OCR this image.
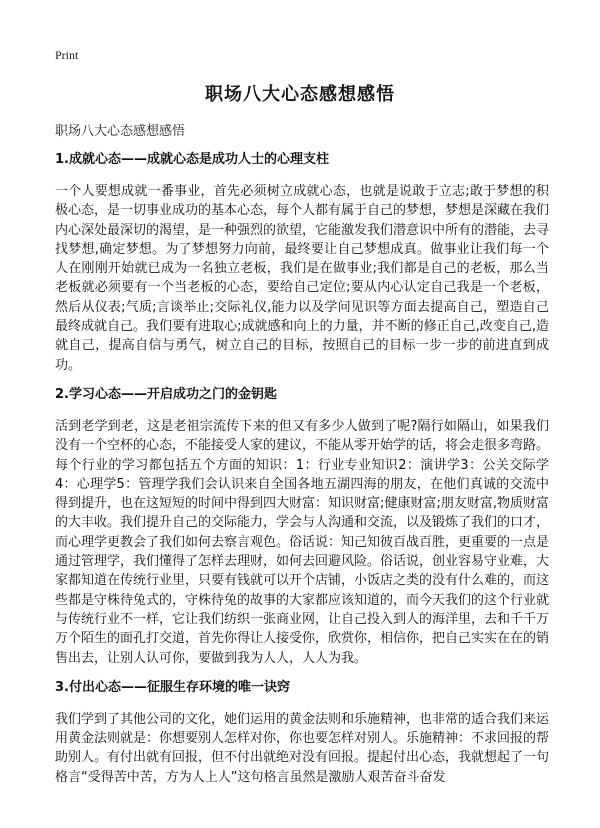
Print
职场八大心态感想感悟
职场八大心态感想感悟
1.成就心态——成就心态是成功人士的心理支柱
一个人要想成就一番事业，首先必须树立成就心态，也就是说敢于立志;敢于梦想的积极心态，是一切事业成功的基本心态，每个人都有属于自己的梦想，梦想是深藏在我们内心深处最深切的渴望，是一种强烈的欲望，它能激发我们潜意识中所有的潜能，去寻找梦想,确定梦想。为了梦想努力向前，最终要让自己梦想成真。做事业让我们每一个人在刚刚开始就已成为一名独立老板，我们是在做事业;我们都是自己的老板，那么当老板就必须要有一个当老板的心态，要给自己定位;要从内心认定自己我是一个老板，然后从仪表;气质;言谈举止;交际礼仪,能力以及学问见识等方面去提高自己，塑造自己最终成就自己。我们要有进取心;成就感和向上的力量，并不断的修正自己,改变自己,造就自己，提高自信与勇气，树立自己的目标，按照自己的目标一步一步的前进直到成功。
2.学习心态——开启成功之门的金钥匙
活到老学到老，这是老祖宗流传下来的但又有多少人做到了呢?隔行如隔山，如果我们没有一个空杯的心态，不能接受人家的建议，不能从零开始学的话，将会走很多弯路。每个行业的学习都包括五个方面的知识：1：行业专业知识2：演讲学3：公关交际学4：心理学5：管理学我们会认识来自全国各地五湖四海的朋友，在他们真诚的交流中得到提升，也在这短短的时间中得到四大财富：知识财富;健康财富;朋友财富,物质财富的大丰收。我们提升自己的交际能力，学会与人沟通和交流，以及锻炼了我们的口才，而心理学更教会了我们如何去察言观色。俗话说：知己知彼百战百胜，更重要的一点是通过管理学，我们懂得了怎样去理财，如何去回避风险。俗话说，创业容易守业难，大家都知道在传统行业里，只要有钱就可以开个店铺，小饭店之类的没有什么难的，而这些都是守株待兔式的，守株待兔的故事的大家都应该知道的，而今天我们的这个行业就与传统行业不一样，它让我们纺织一张商业网，让自己投入到人的海洋里，去和千千万万个陌生的面孔打交道，首先你得让人接受你，欣赏你，相信你，把自己实实在在的销售出去，让别人认可你，要做到我为人人，人人为我。
3.付出心态——征服生存环境的唯一诀窍
我们学到了其他公司的文化，她们运用的黄金法则和乐施精神，也非常的适合我们来运用黄金法则就是：你想要别人怎样对你，你也要怎样对别人。乐施精神：不求回报的帮助别人。有付出就有回报，但不付出就绝对没有回报。提起付出心态，我就想起了一句格言“受得苦中苦，方为人上人”这句格言虽然是激励人艰苦奋斗奋发
